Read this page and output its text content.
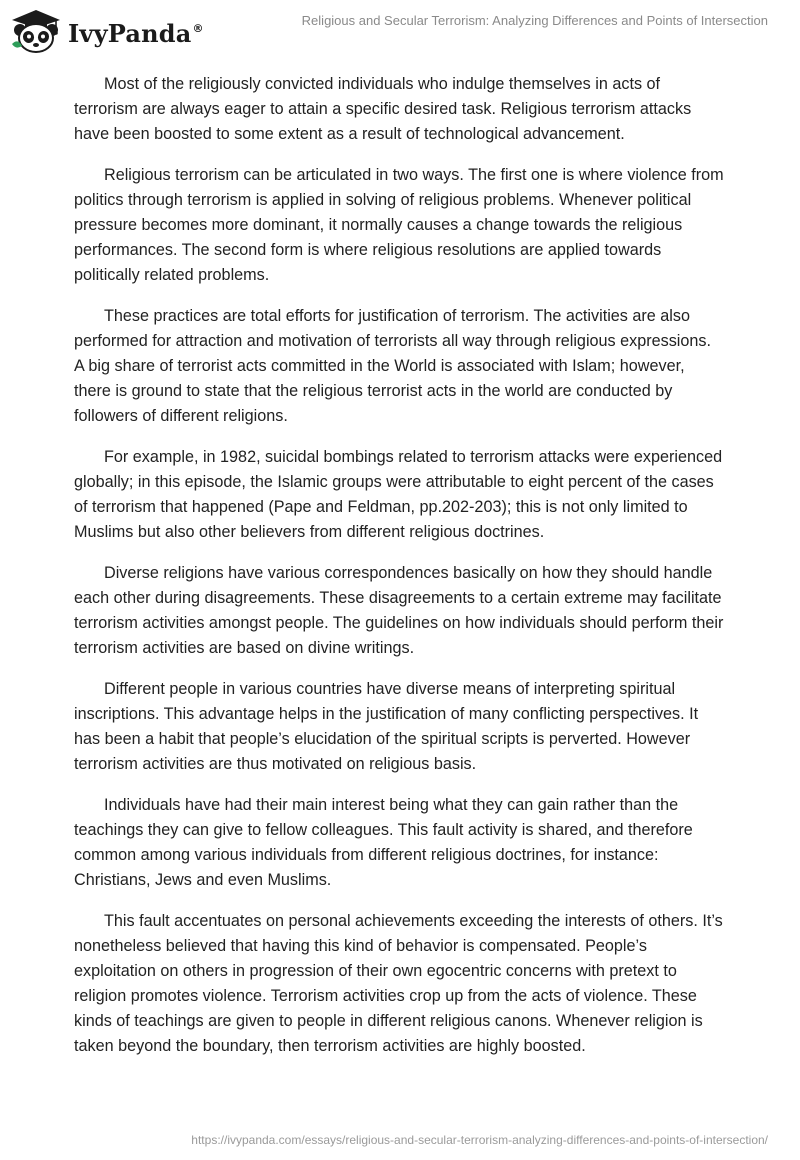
IvyPanda®	Religious and Secular Terrorism: Analyzing Differences and Points of Intersection

Most of the religiously convicted individuals who indulge themselves in acts of terrorism are always eager to attain a specific desired task. Religious terrorism attacks have been boosted to some extent as a result of technological advancement.

Religious terrorism can be articulated in two ways. The first one is where violence from politics through terrorism is applied in solving of religious problems. Whenever political pressure becomes more dominant, it normally causes a change towards the religious performances. The second form is where religious resolutions are applied towards politically related problems.

These practices are total efforts for justification of terrorism. The activities are also performed for attraction and motivation of terrorists all way through religious expressions. A big share of terrorist acts committed in the World is associated with Islam; however, there is ground to state that the religious terrorist acts in the world are conducted by followers of different religions.

For example, in 1982, suicidal bombings related to terrorism attacks were experienced globally; in this episode, the Islamic groups were attributable to eight percent of the cases of terrorism that happened (Pape and Feldman, pp.202-203); this is not only limited to Muslims but also other believers from different religious doctrines.

Diverse religions have various correspondences basically on how they should handle each other during disagreements. These disagreements to a certain extreme may facilitate terrorism activities amongst people. The guidelines on how individuals should perform their terrorism activities are based on divine writings.

Different people in various countries have diverse means of interpreting spiritual inscriptions. This advantage helps in the justification of many conflicting perspectives. It has been a habit that people’s elucidation of the spiritual scripts is perverted. However terrorism activities are thus motivated on religious basis.

Individuals have had their main interest being what they can gain rather than the teachings they can give to fellow colleagues. This fault activity is shared, and therefore common among various individuals from different religious doctrines, for instance: Christians, Jews and even Muslims.

This fault accentuates on personal achievements exceeding the interests of others. It’s nonetheless believed that having this kind of behavior is compensated. People’s exploitation on others in progression of their own egocentric concerns with pretext to religion promotes violence. Terrorism activities crop up from the acts of violence. These kinds of teachings are given to people in different religious canons. Whenever religion is taken beyond the boundary, then terrorism activities are highly boosted.

https://ivypanda.com/essays/religious-and-secular-terrorism-analyzing-differences-and-points-of-intersection/
